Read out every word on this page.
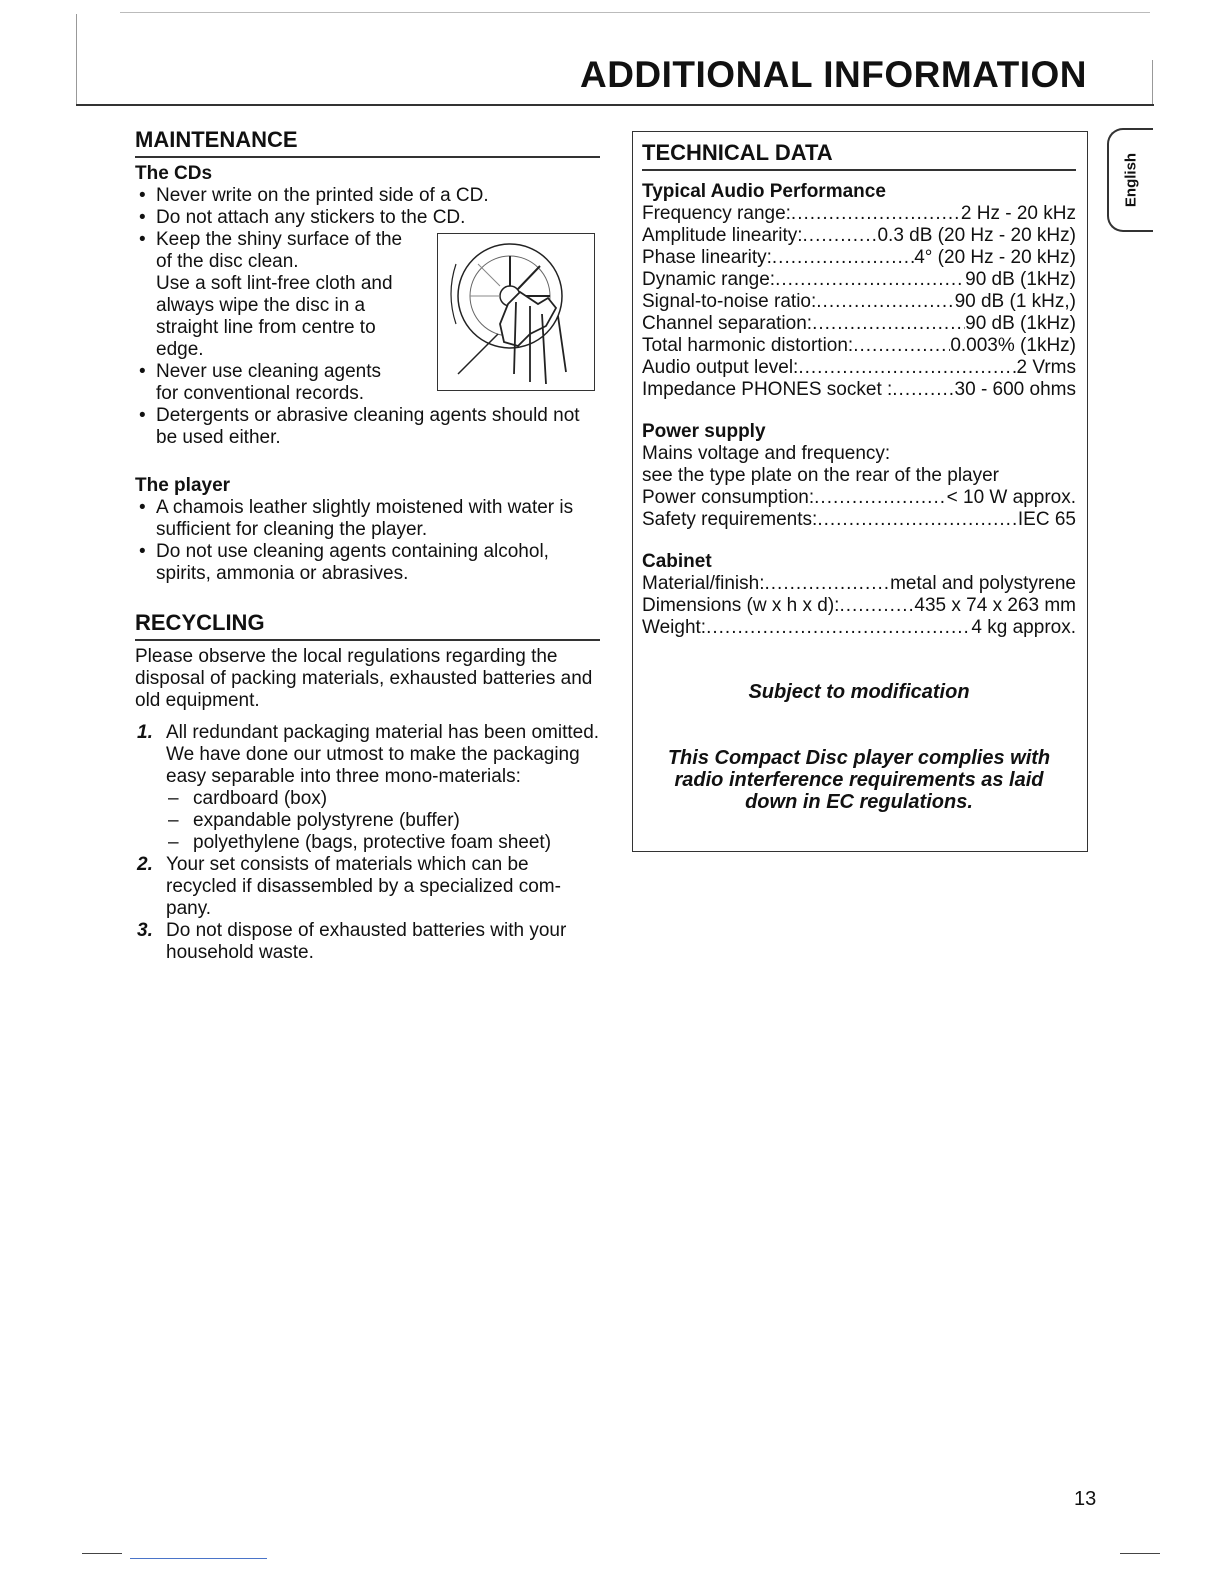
ADDITIONAL INFORMATION
English
MAINTENANCE
The CDs
• Never write on the printed side of a CD.
• Do not attach any stickers to the CD.
• Keep the shiny surface of the
of the disc clean.
Use a soft lint-free cloth and
always wipe the disc in a
straight line from centre to
edge.
• Never use cleaning agents
for conventional records.
• Detergents or abrasive cleaning agents should not be used either.
The player
• A chamois leather slightly moistened with water is sufficient for cleaning the player.
• Do not use cleaning agents containing alcohol, spirits, ammonia or abrasives.
RECYCLING
Please observe the local regulations regarding the disposal of packing materials, exhausted batteries and old equipment.
1. All redundant packaging material has been omitted. We have done our utmost to make the packaging easy separable into three mono-materials:
– cardboard (box)
– expandable polystyrene (buffer)
– polyethylene (bags, protective foam sheet)
2. Your set consists of materials which can be recycled if disassembled by a specialized com-pany.
3. Do not dispose of exhausted batteries with your household waste.
TECHNICAL DATA
Typical Audio Performance
Frequency range: .....	2 Hz - 20 kHz
Amplitude linearity: .....	0.3 dB (20 Hz - 20 kHz)
Phase linearity: .....	4° (20 Hz - 20 kHz)
Dynamic range: .....	90 dB (1kHz)
Signal-to-noise ratio: .....	90 dB (1 kHz,)
Channel separation: .....	90 dB (1kHz)
Total harmonic distortion: .....	0.003% (1kHz)
Audio output level: .....	2 Vrms
Impedance PHONES socket : .....	30 - 600 ohms
Power supply
Mains voltage and frequency:
see the type plate on the rear of the player
Power consumption: .....	< 10 W approx.
Safety requirements: .....	IEC 65
Cabinet
Material/finish: .....	metal and polystyrene
Dimensions (w x h x d): .....	435 x 74 x 263 mm
Weight: .....	4 kg approx.
Subject to modification
This Compact Disc player complies with
radio interference requirements as laid
down in EC regulations.
13
